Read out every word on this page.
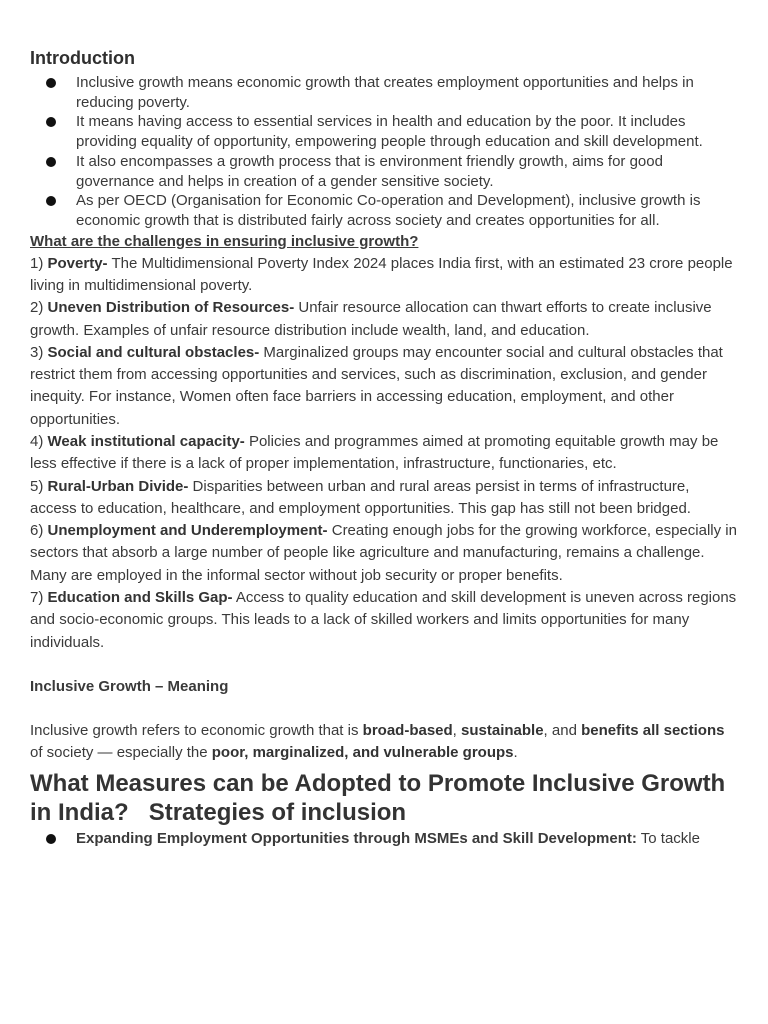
Introduction
Inclusive growth means economic growth that creates employment opportunities and helps in reducing poverty.
It means having access to essential services in health and education by the poor. It includes providing equality of opportunity, empowering people through education and skill development.
It also encompasses a growth process that is environment friendly growth, aims for good governance and helps in creation of a gender sensitive society.
As per OECD (Organisation for Economic Co-operation and Development), inclusive growth is economic growth that is distributed fairly across society and creates opportunities for all.

What are the challenges in ensuring inclusive growth?

1) Poverty- The Multidimensional Poverty Index 2024 places India first, with an estimated 23 crore people living in multidimensional poverty.

2) Uneven Distribution of Resources- Unfair resource allocation can thwart efforts to create inclusive growth. Examples of unfair resource distribution include wealth, land, and education.

3) Social and cultural obstacles- Marginalized groups may encounter social and cultural obstacles that restrict them from accessing opportunities and services, such as discrimination, exclusion, and gender inequity. For instance, Women often face barriers in accessing education, employment, and other opportunities.

4) Weak institutional capacity- Policies and programmes aimed at promoting equitable growth may be less effective if there is a lack of proper implementation, infrastructure, functionaries, etc.

5) Rural-Urban Divide- Disparities between urban and rural areas persist in terms of infrastructure, access to education, healthcare, and employment opportunities. This gap has still not been bridged.

6) Unemployment and Underemployment- Creating enough jobs for the growing workforce, especially in sectors that absorb a large number of people like agriculture and manufacturing, remains a challenge. Many are employed in the informal sector without job security or proper benefits.

7) Education and Skills Gap- Access to quality education and skill development is uneven across regions and socio-economic groups. This leads to a lack of skilled workers and limits opportunities for many individuals.

Inclusive Growth – Meaning

Inclusive growth refers to economic growth that is broad-based, sustainable, and benefits all sections of society — especially the poor, marginalized, and vulnerable groups.

What Measures can be Adopted to Promote Inclusive Growth in India? Strategies of inclusion
Expanding Employment Opportunities through MSMEs and Skill Development: To tackle
